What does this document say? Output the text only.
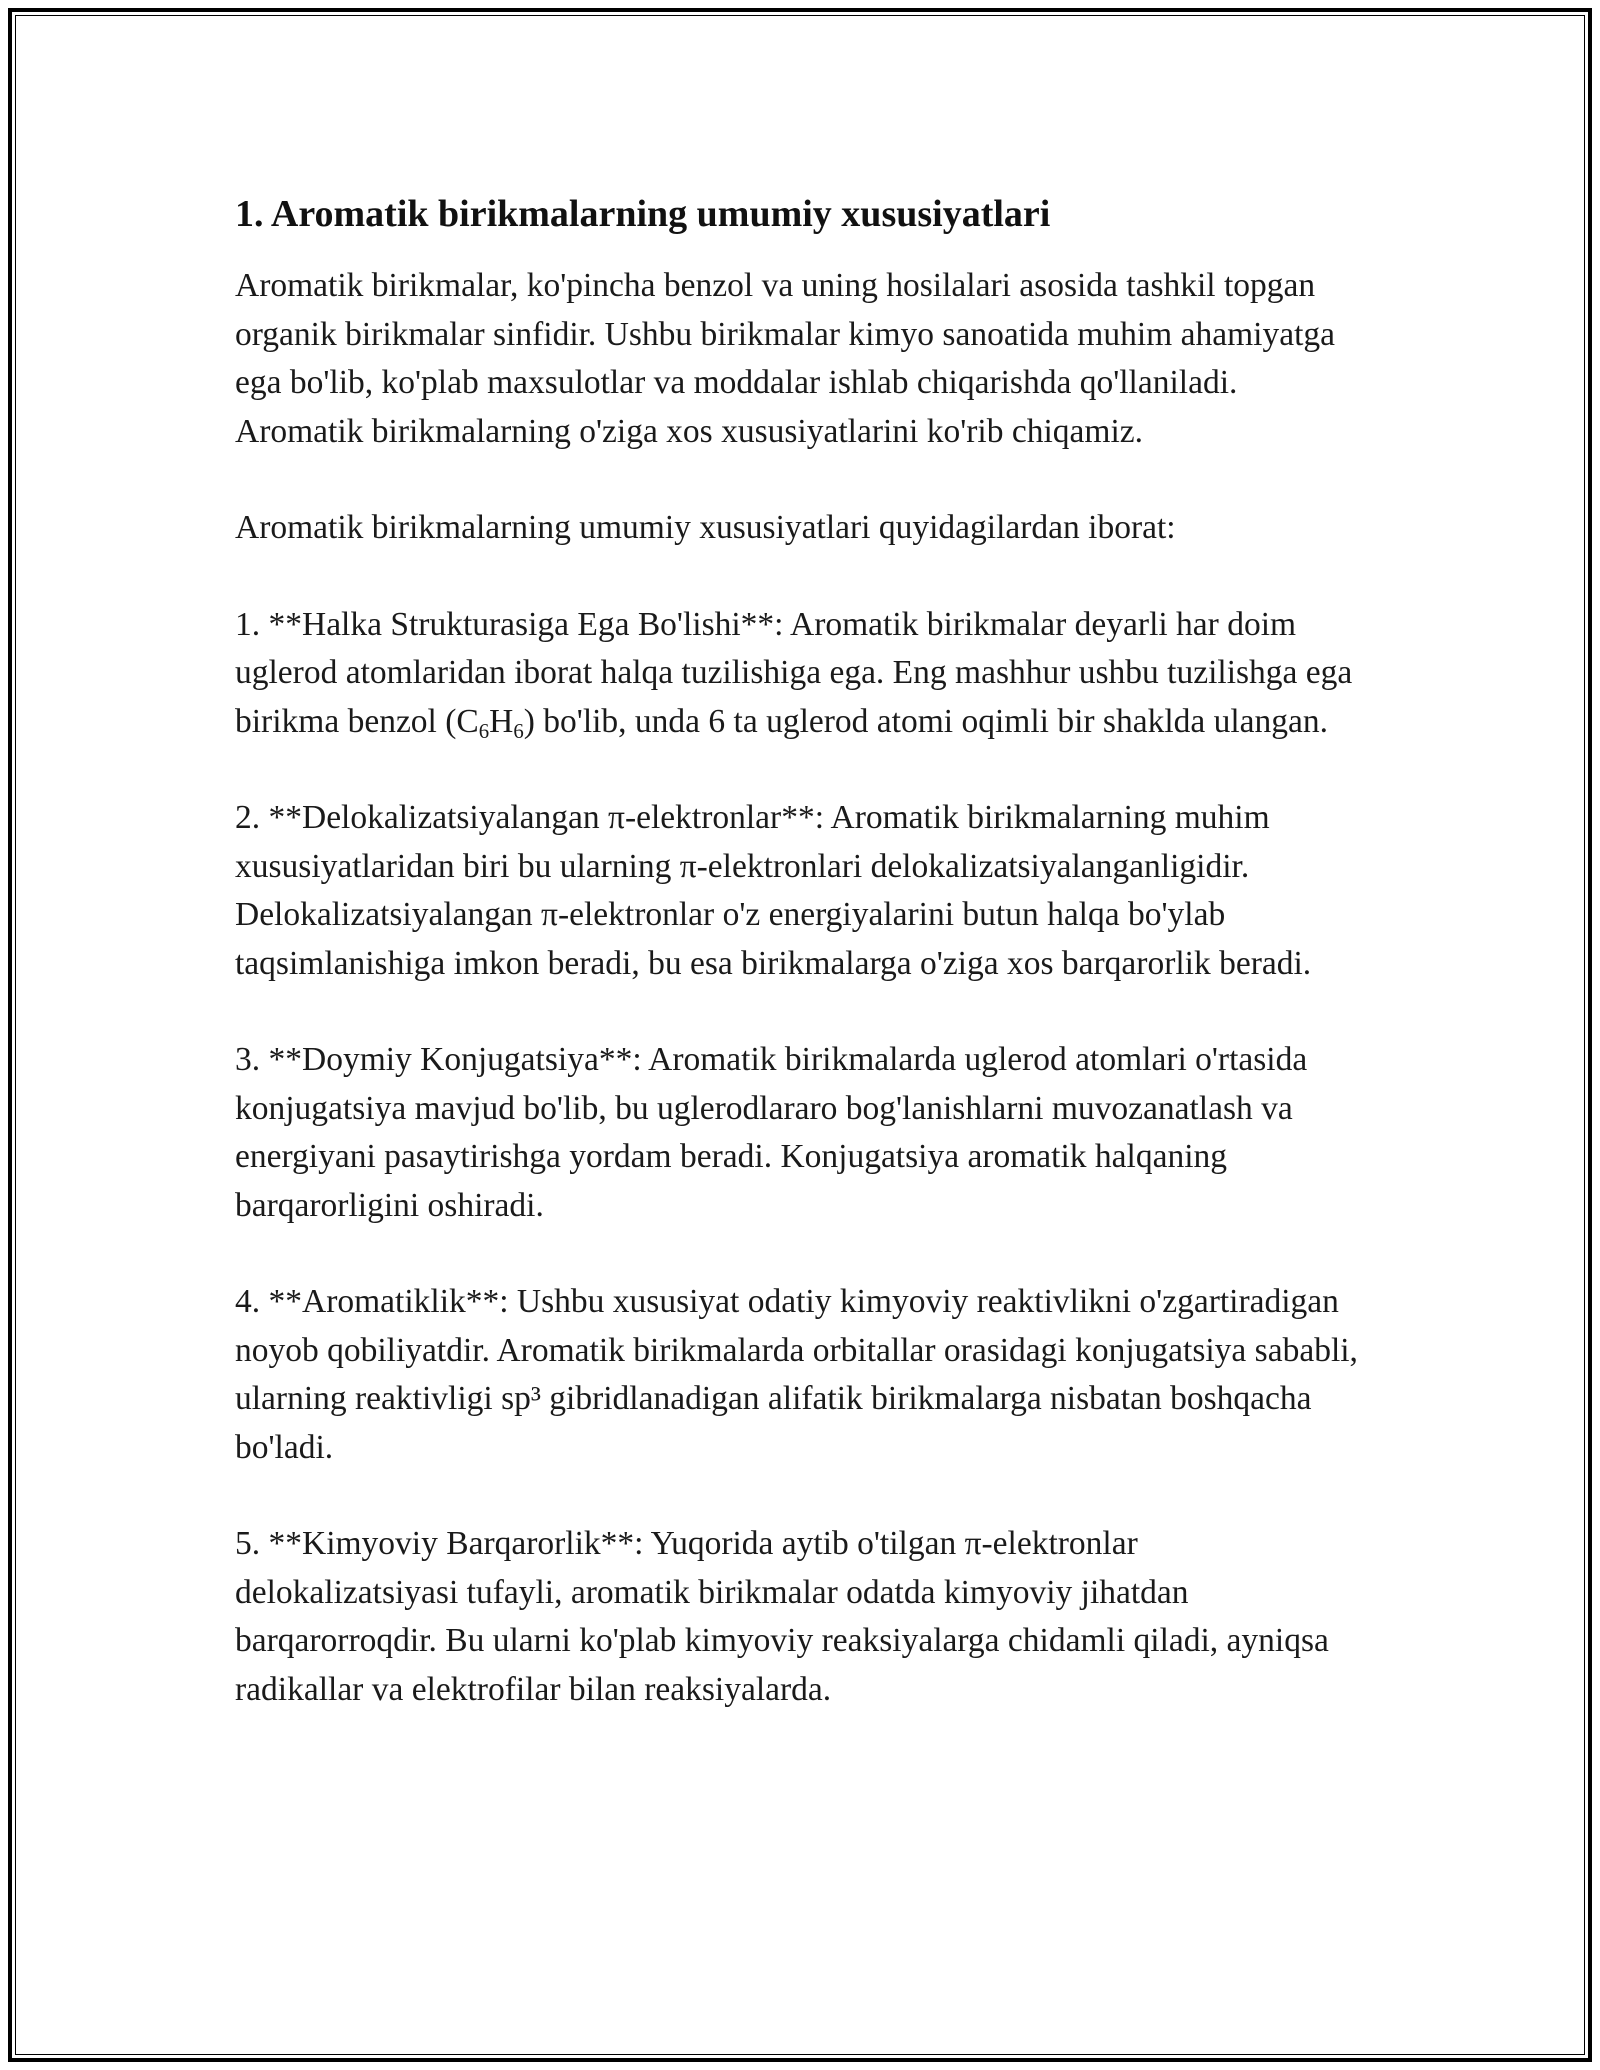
1. Aromatik birikmalarning umumiy xususiyatlari

Aromatik birikmalar, ko'pincha benzol va uning hosilalari asosida tashkil topgan organik birikmalar sinfidir. Ushbu birikmalar kimyo sanoatida muhim ahamiyatga ega bo'lib, ko'plab maxsulotlar va moddalar ishlab chiqarishda qo'llaniladi. Aromatik birikmalarning o'ziga xos xususiyatlarini ko'rib chiqamiz.

Aromatik birikmalarning umumiy xususiyatlari quyidagilardan iborat:

1. **Halka Strukturasiga Ega Bo'lishi**: Aromatik birikmalar deyarli har doim uglerod atomlaridan iborat halqa tuzilishiga ega. Eng mashhur ushbu tuzilishga ega birikma benzol $(C_6H_6)$ bo'lib, unda 6 ta uglerod atomi oqimli bir shaklda ulangan.

2. **Delokalizatsiyalangan π-elektronlar**: Aromatik birikmalarning muhim xususiyatlaridan biri bu ularning π-elektronlari delokalizatsiyalanganligidir. Delokalizatsiyalangan π-elektronlar o'z energiyalarini butun halqa bo'ylab taqsimlanishiga imkon beradi, bu esa birikmalarga o'ziga xos barqarorlik beradi.

3. **Doymiy Konjugatsiya**: Aromatik birikmalarda uglerod atomlari o'rtasida konjugatsiya mavjud bo'lib, bu uglerodlararo bog'lanishlarni muvozanatlash va energiyani pasaytirishga yordam beradi. Konjugatsiya aromatik halqaning barqarorligini oshiradi.

4. **Aromatiklik**: Ushbu xususiyat odatiy kimyoviy reaktivlikni o'zgartiradigan noyob qobiliyatdir. Aromatik birikmalarda orbitallar orasidagi konjugatsiya sababli, ularning reaktivligi sp³ gibridlanadigan alifatik birikmalarga nisbatan boshqacha bo'ladi.

5. **Kimyoviy Barqarorlik**: Yuqorida aytib o'tilgan π-elektronlar delokalizatsiyasi tufayli, aromatik birikmalar odatda kimyoviy jihatdan barqarorroqdir. Bu ularni ko'plab kimyoviy reaksiyalarga chidamli qiladi, ayniqsa radikallar va elektrofilar bilan reaksiyalarda.
